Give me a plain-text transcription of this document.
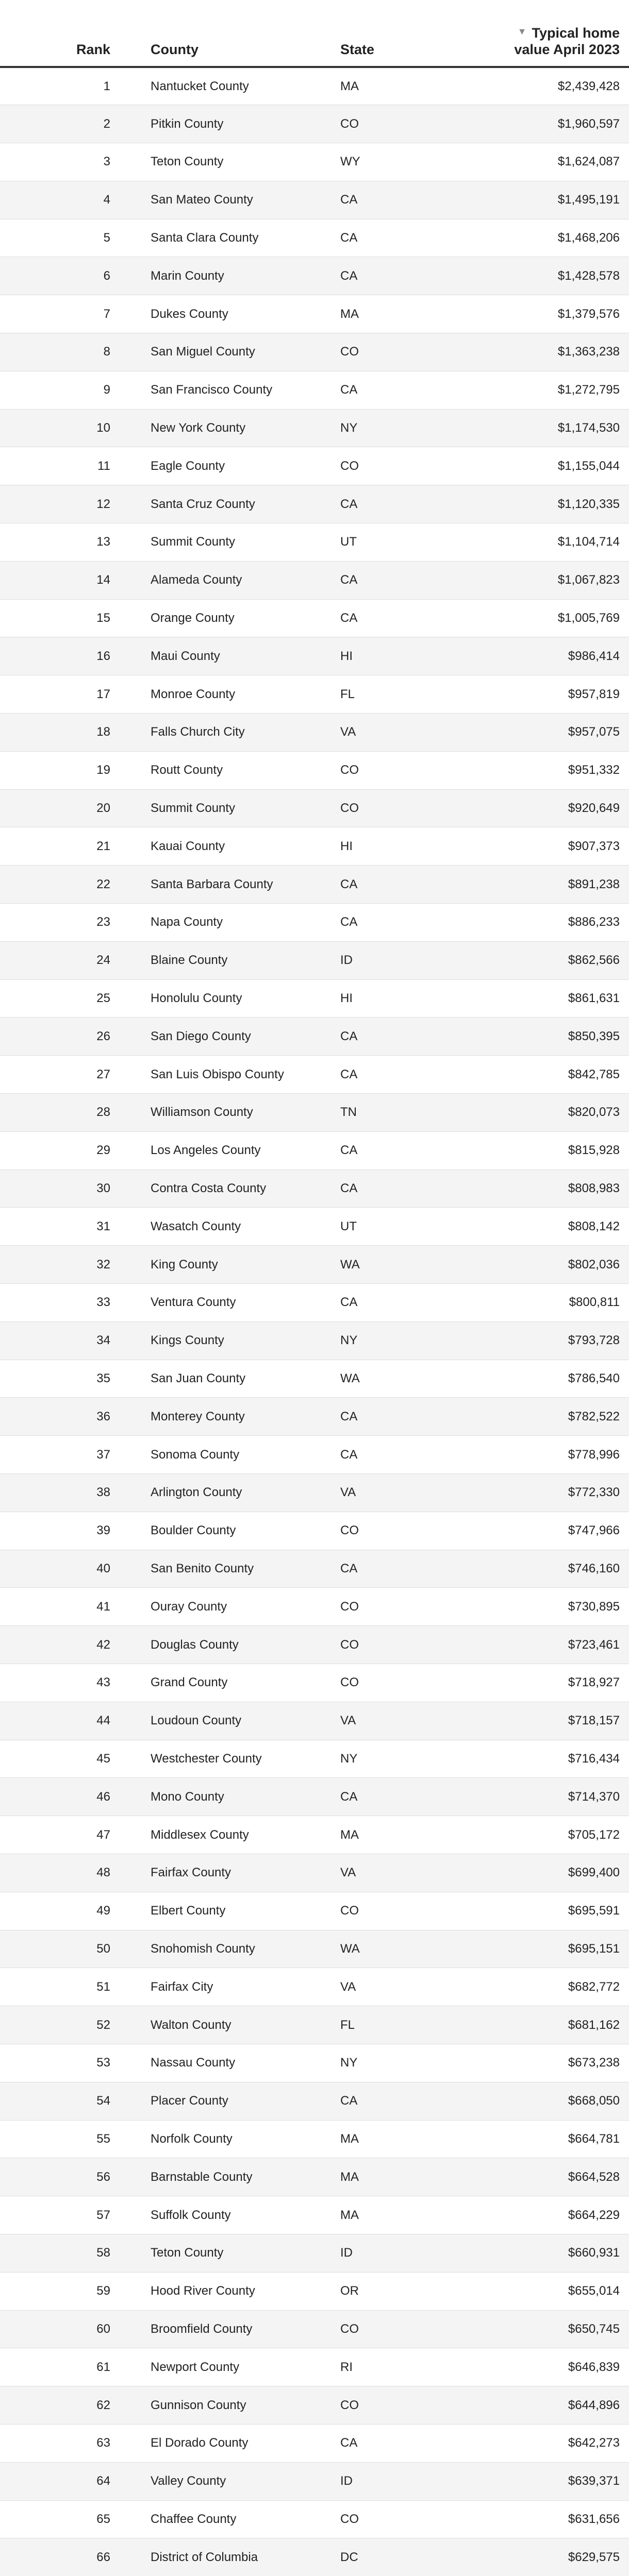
Rank	County	State	▼ Typical home
value April 2023
1	Nantucket County	MA	$2,439,428
2	Pitkin County	CO	$1,960,597
3	Teton County	WY	$1,624,087
4	San Mateo County	CA	$1,495,191
5	Santa Clara County	CA	$1,468,206
6	Marin County	CA	$1,428,578
7	Dukes County	MA	$1,379,576
8	San Miguel County	CO	$1,363,238
9	San Francisco County	CA	$1,272,795
10	New York County	NY	$1,174,530
11	Eagle County	CO	$1,155,044
12	Santa Cruz County	CA	$1,120,335
13	Summit County	UT	$1,104,714
14	Alameda County	CA	$1,067,823
15	Orange County	CA	$1,005,769
16	Maui County	HI	$986,414
17	Monroe County	FL	$957,819
18	Falls Church City	VA	$957,075
19	Routt County	CO	$951,332
20	Summit County	CO	$920,649
21	Kauai County	HI	$907,373
22	Santa Barbara County	CA	$891,238
23	Napa County	CA	$886,233
24	Blaine County	ID	$862,566
25	Honolulu County	HI	$861,631
26	San Diego County	CA	$850,395
27	San Luis Obispo County	CA	$842,785
28	Williamson County	TN	$820,073
29	Los Angeles County	CA	$815,928
30	Contra Costa County	CA	$808,983
31	Wasatch County	UT	$808,142
32	King County	WA	$802,036
33	Ventura County	CA	$800,811
34	Kings County	NY	$793,728
35	San Juan County	WA	$786,540
36	Monterey County	CA	$782,522
37	Sonoma County	CA	$778,996
38	Arlington County	VA	$772,330
39	Boulder County	CO	$747,966
40	San Benito County	CA	$746,160
41	Ouray County	CO	$730,895
42	Douglas County	CO	$723,461
43	Grand County	CO	$718,927
44	Loudoun County	VA	$718,157
45	Westchester County	NY	$716,434
46	Mono County	CA	$714,370
47	Middlesex County	MA	$705,172
48	Fairfax County	VA	$699,400
49	Elbert County	CO	$695,591
50	Snohomish County	WA	$695,151
51	Fairfax City	VA	$682,772
52	Walton County	FL	$681,162
53	Nassau County	NY	$673,238
54	Placer County	CA	$668,050
55	Norfolk County	MA	$664,781
56	Barnstable County	MA	$664,528
57	Suffolk County	MA	$664,229
58	Teton County	ID	$660,931
59	Hood River County	OR	$655,014
60	Broomfield County	CO	$650,745
61	Newport County	RI	$646,839
62	Gunnison County	CO	$644,896
63	El Dorado County	CA	$642,273
64	Valley County	ID	$639,371
65	Chaffee County	CO	$631,656
66	District of Columbia	DC	$629,575
